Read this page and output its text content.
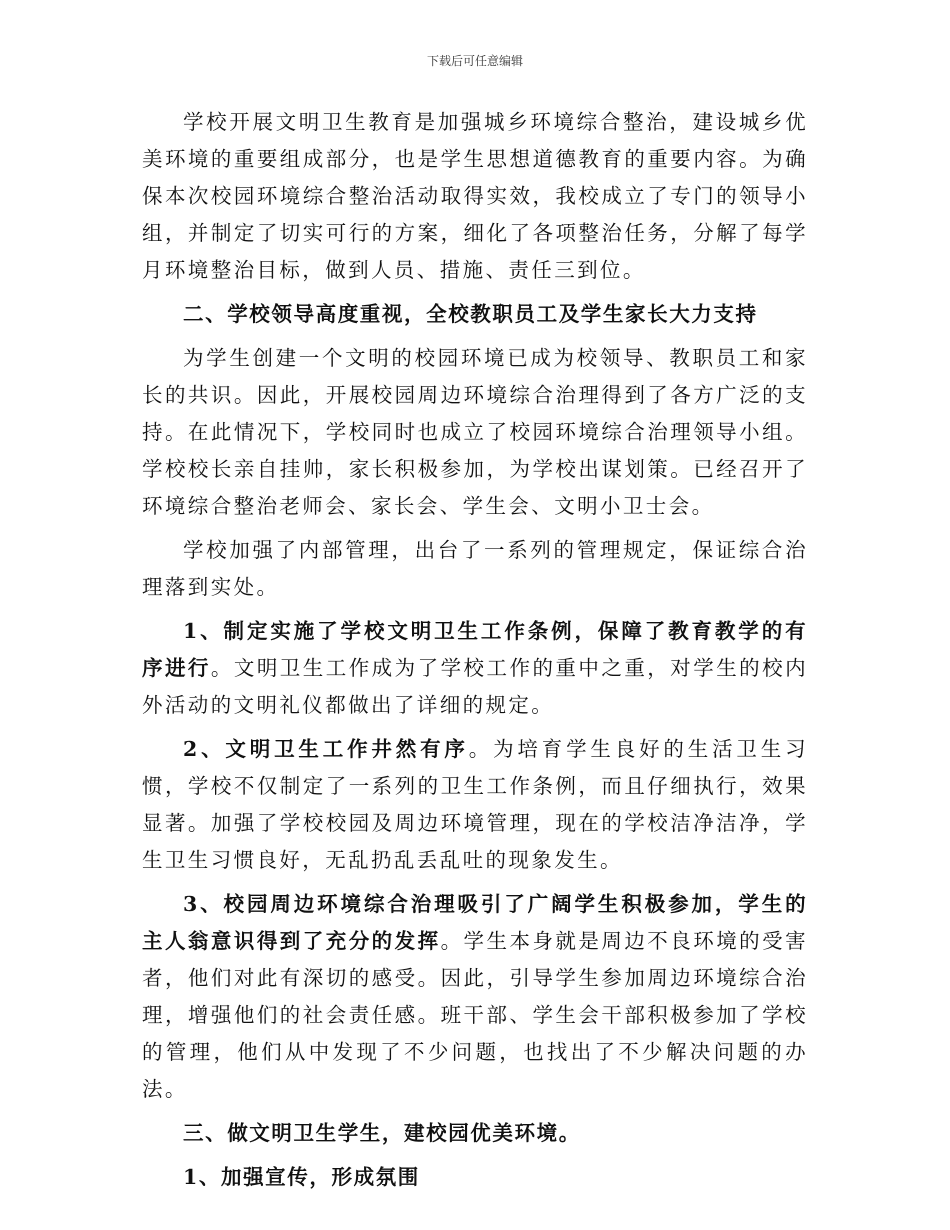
下载后可任意编辑

学校开展文明卫生教育是加强城乡环境综合整治，建设城乡优美环境的重要组成部分，也是学生思想道德教育的重要内容。为确保本次校园环境综合整治活动取得实效，我校成立了专门的领导小组，并制定了切实可行的方案，细化了各项整治任务，分解了每学月环境整治目标，做到人员、措施、责任三到位。

二、学校领导高度重视，全校教职员工及学生家长大力支持

为学生创建一个文明的校园环境已成为校领导、教职员工和家长的共识。因此，开展校园周边环境综合治理得到了各方广泛的支持。在此情况下，学校同时也成立了校园环境综合治理领导小组。学校校长亲自挂帅，家长积极参加，为学校出谋划策。已经召开了环境综合整治老师会、家长会、学生会、文明小卫士会。

学校加强了内部管理，出台了一系列的管理规定，保证综合治理落到实处。

1、制定实施了学校文明卫生工作条例，保障了教育教学的有序进行。文明卫生工作成为了学校工作的重中之重，对学生的校内外活动的文明礼仪都做出了详细的规定。

2、文明卫生工作井然有序。为培育学生良好的生活卫生习惯，学校不仅制定了一系列的卫生工作条例，而且仔细执行，效果显著。加强了学校校园及周边环境管理，现在的学校洁净洁净，学生卫生习惯良好，无乱扔乱丢乱吐的现象发生。

3、校园周边环境综合治理吸引了广阔学生积极参加，学生的主人翁意识得到了充分的发挥。学生本身就是周边不良环境的受害者，他们对此有深切的感受。因此，引导学生参加周边环境综合治理，增强他们的社会责任感。班干部、学生会干部积极参加了学校的管理，他们从中发现了不少问题，也找出了不少解决问题的办法。

三、做文明卫生学生，建校园优美环境。

1、加强宣传，形成氛围
